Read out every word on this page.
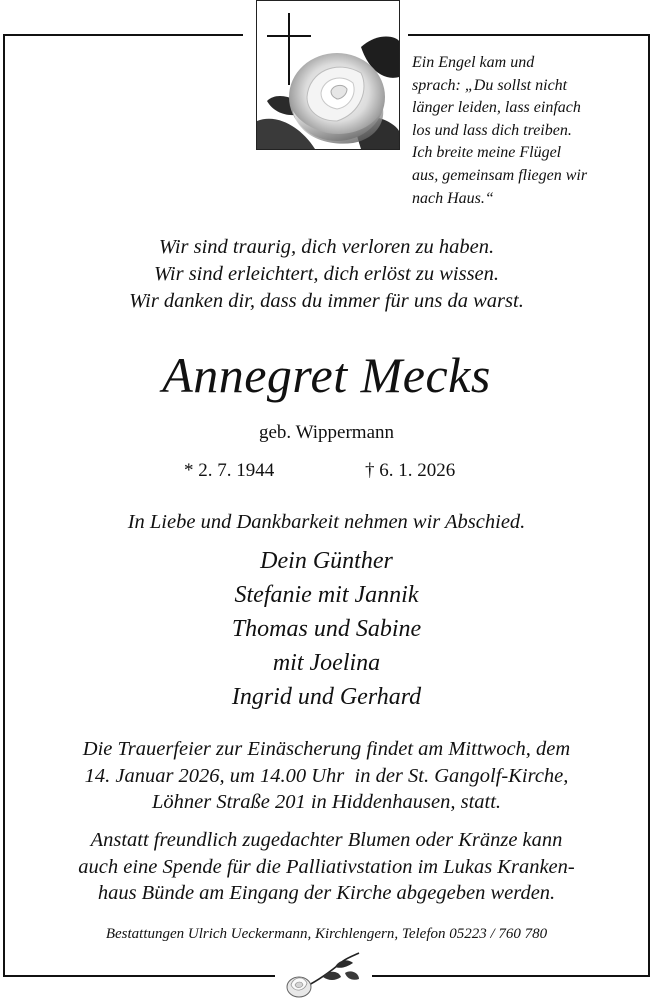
Ein Engel kam und
sprach: „Du sollst nicht
länger leiden, lass einfach
los und lass dich treiben.
Ich breite meine Flügel
aus, gemeinsam fliegen wir
nach Haus.“
Wir sind traurig, dich verloren zu haben.
Wir sind erleichtert, dich erlöst zu wissen.
Wir danken dir, dass du immer für uns da warst.
Annegret Mecks
geb. Wippermann
* 2. 7. 1944	† 6. 1. 2026
In Liebe und Dankbarkeit nehmen wir Abschied.
Dein Günther
Stefanie mit Jannik
Thomas und Sabine
mit Joelina
Ingrid und Gerhard
Die Trauerfeier zur Einäscherung findet am Mittwoch, dem
14. Januar 2026, um 14.00 Uhr  in der St. Gangolf-Kirche,
Löhner Straße 201 in Hiddenhausen, statt.
Anstatt freundlich zugedachter Blumen oder Kränze kann
auch eine Spende für die Palliativstation im Lukas Kranken-
haus Bünde am Eingang der Kirche abgegeben werden.
Bestattungen Ulrich Ueckermann, Kirchlengern, Telefon 05223 / 760 780
